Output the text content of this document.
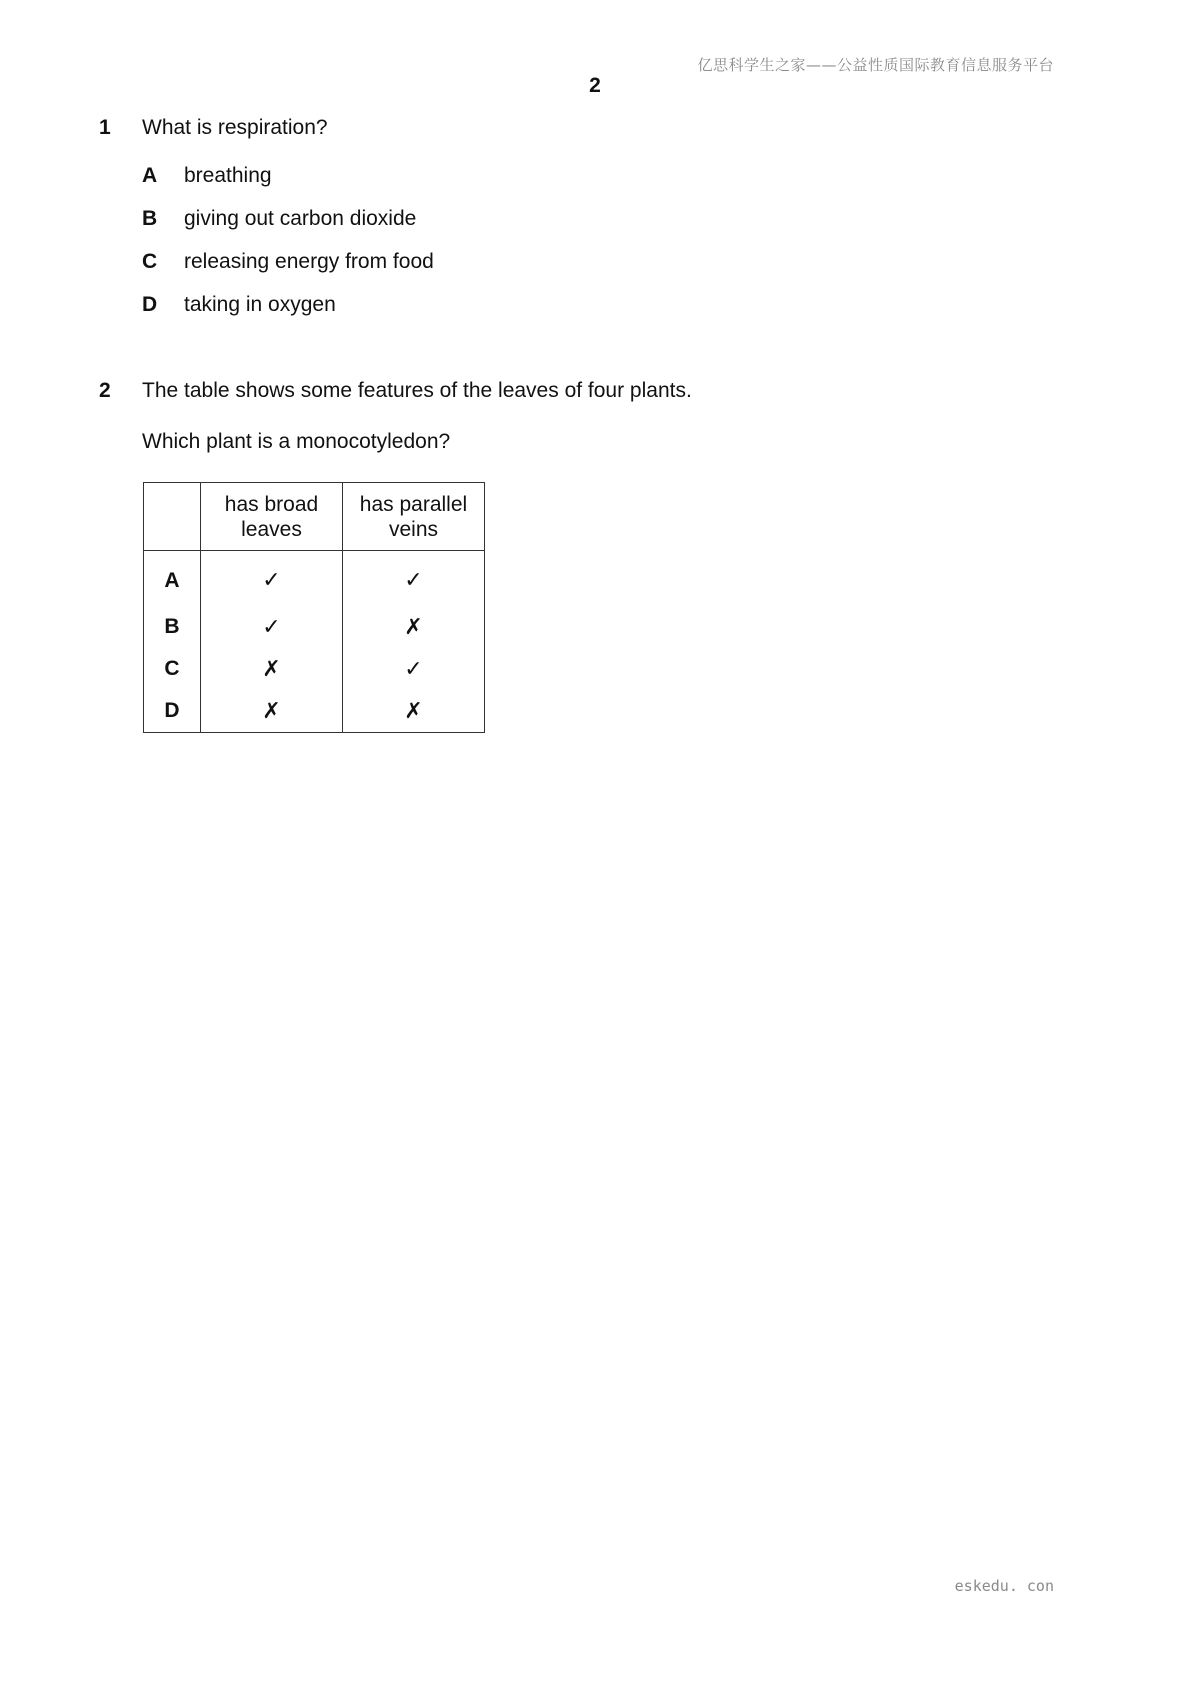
亿思科学生之家——公益性质国际教育信息服务平台
2
1 What is respiration?
A breathing
B giving out carbon dioxide
C releasing energy from food
D taking in oxygen
2 The table shows some features of the leaves of four plants.
Which plant is a monocotyledon?

	has broad leaves	has parallel veins

A	✓	✓
B	✓	✗
C	✗	✓
D	✗	✗
eskedu. con
